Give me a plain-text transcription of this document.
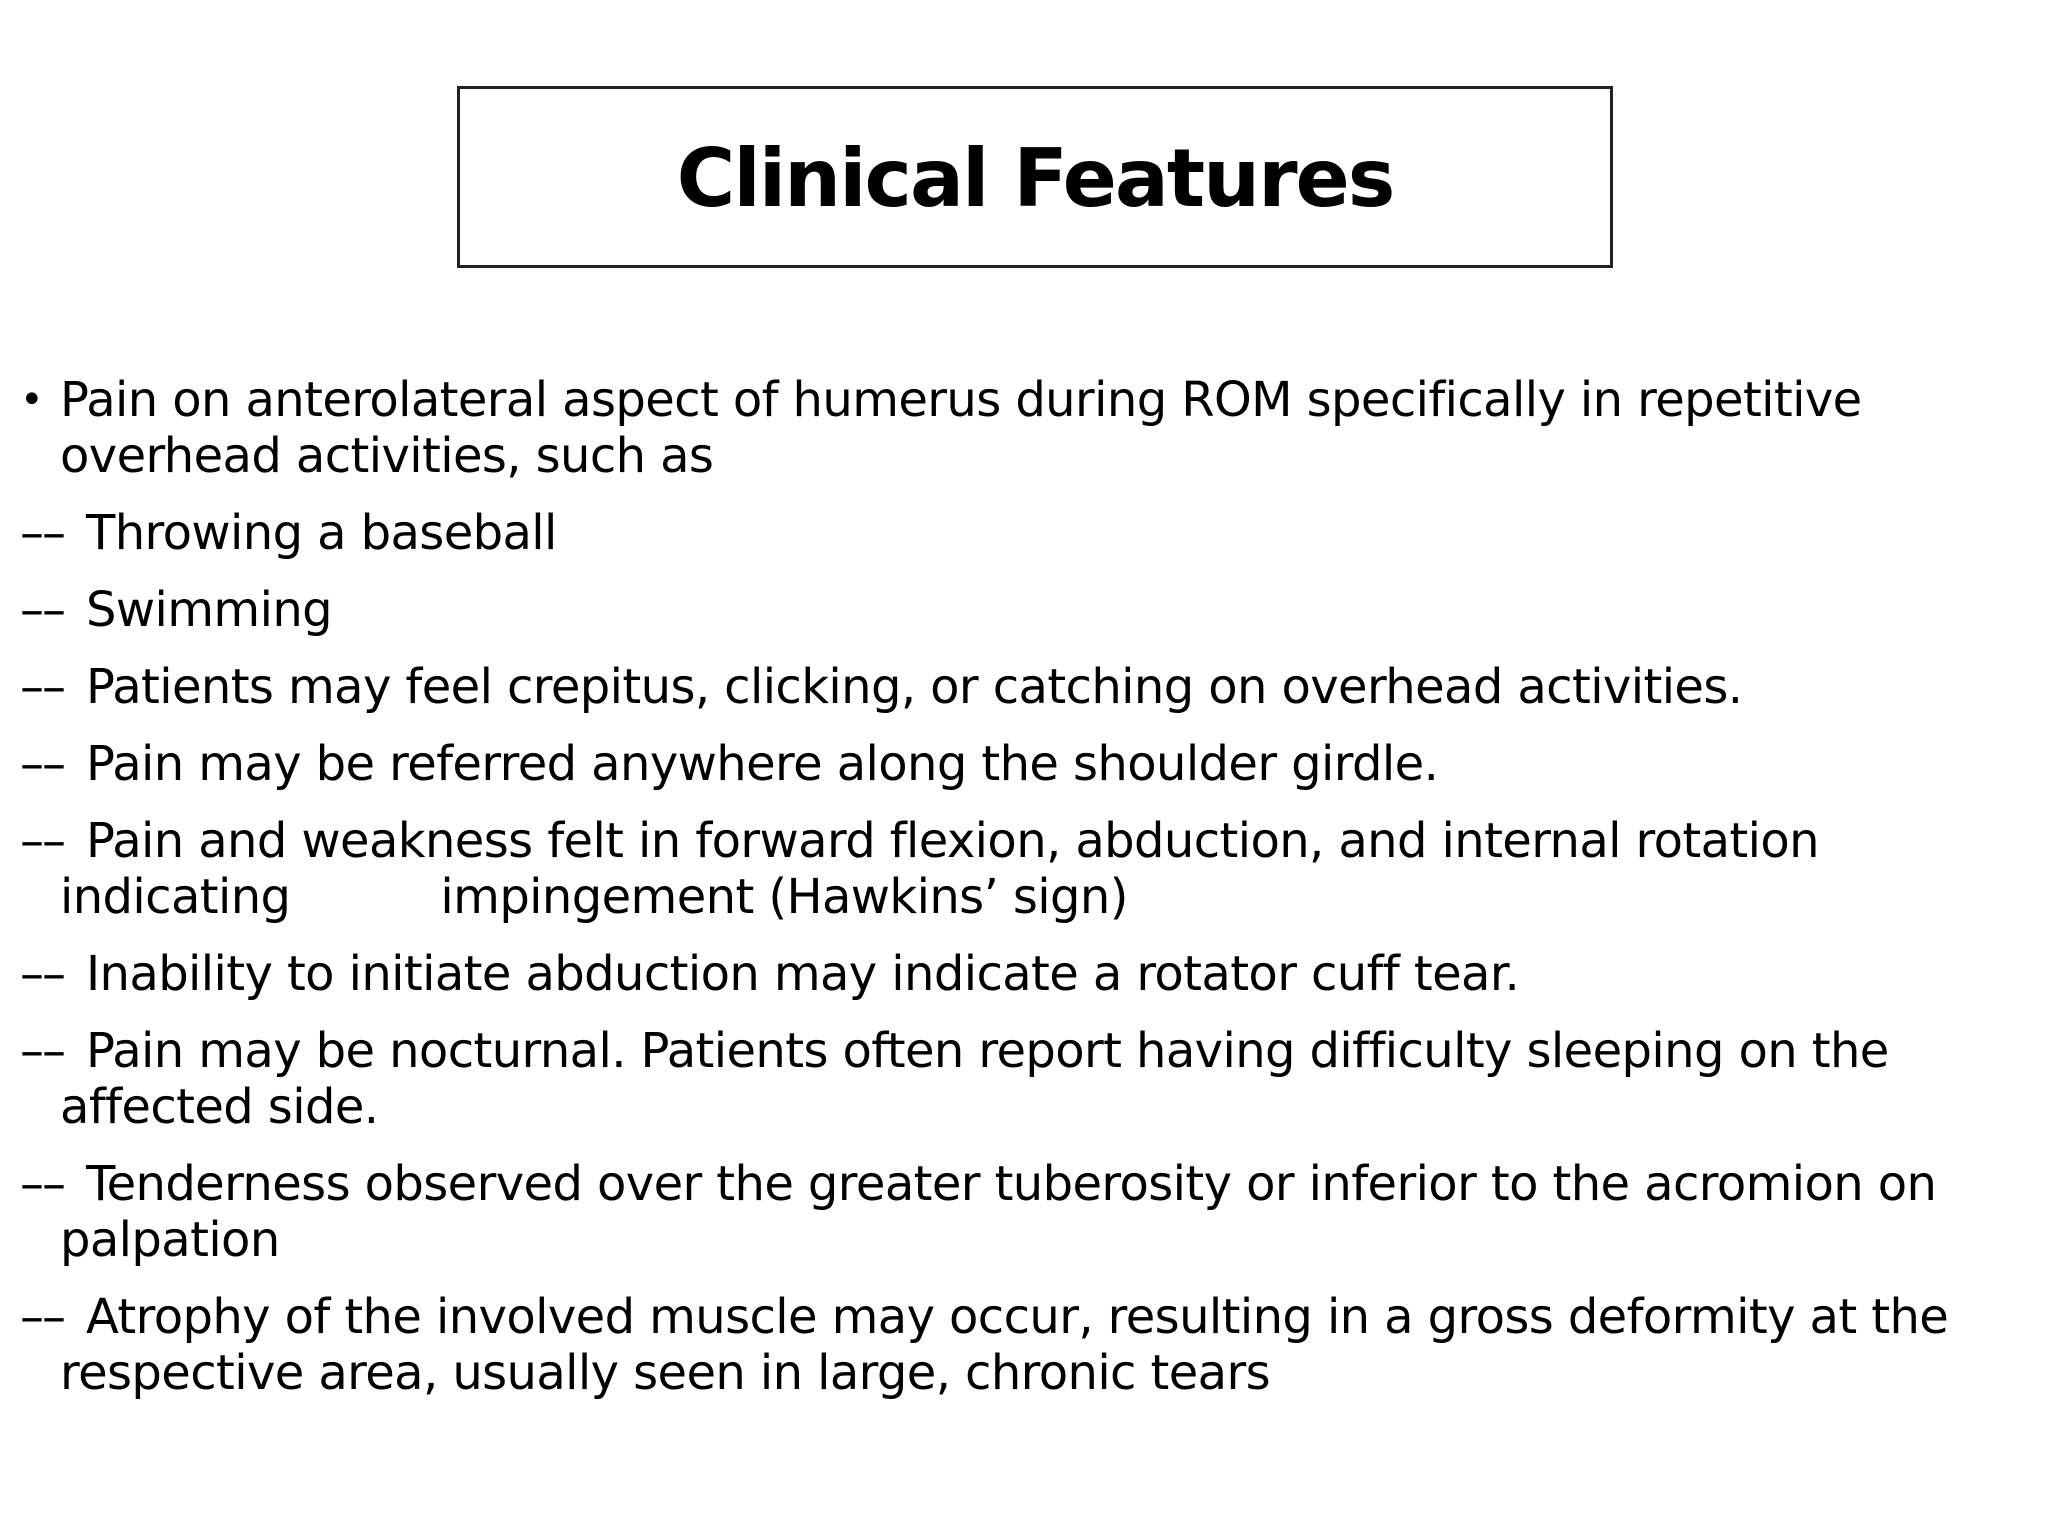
Clinical Features
• Pain on anterolateral aspect of humerus during ROM specifically in repetitive overhead activities, such as
–– Throwing a baseball
–– Swimming
–– Patients may feel crepitus, clicking, or catching on overhead activities.
–– Pain may be referred anywhere along the shoulder girdle.
–– Pain and weakness felt in forward flexion, abduction, and internal rotation indicating	impingement (Hawkins’ sign)
–– Inability to initiate abduction may indicate a rotator cuff tear.
–– Pain may be nocturnal. Patients often report having difficulty sleeping on the affected side.
–– Tenderness observed over the greater tuberosity or inferior to the acromion on palpation
–– Atrophy of the involved muscle may occur, resulting in a gross deformity at the respective area, usually seen in large, chronic tears
